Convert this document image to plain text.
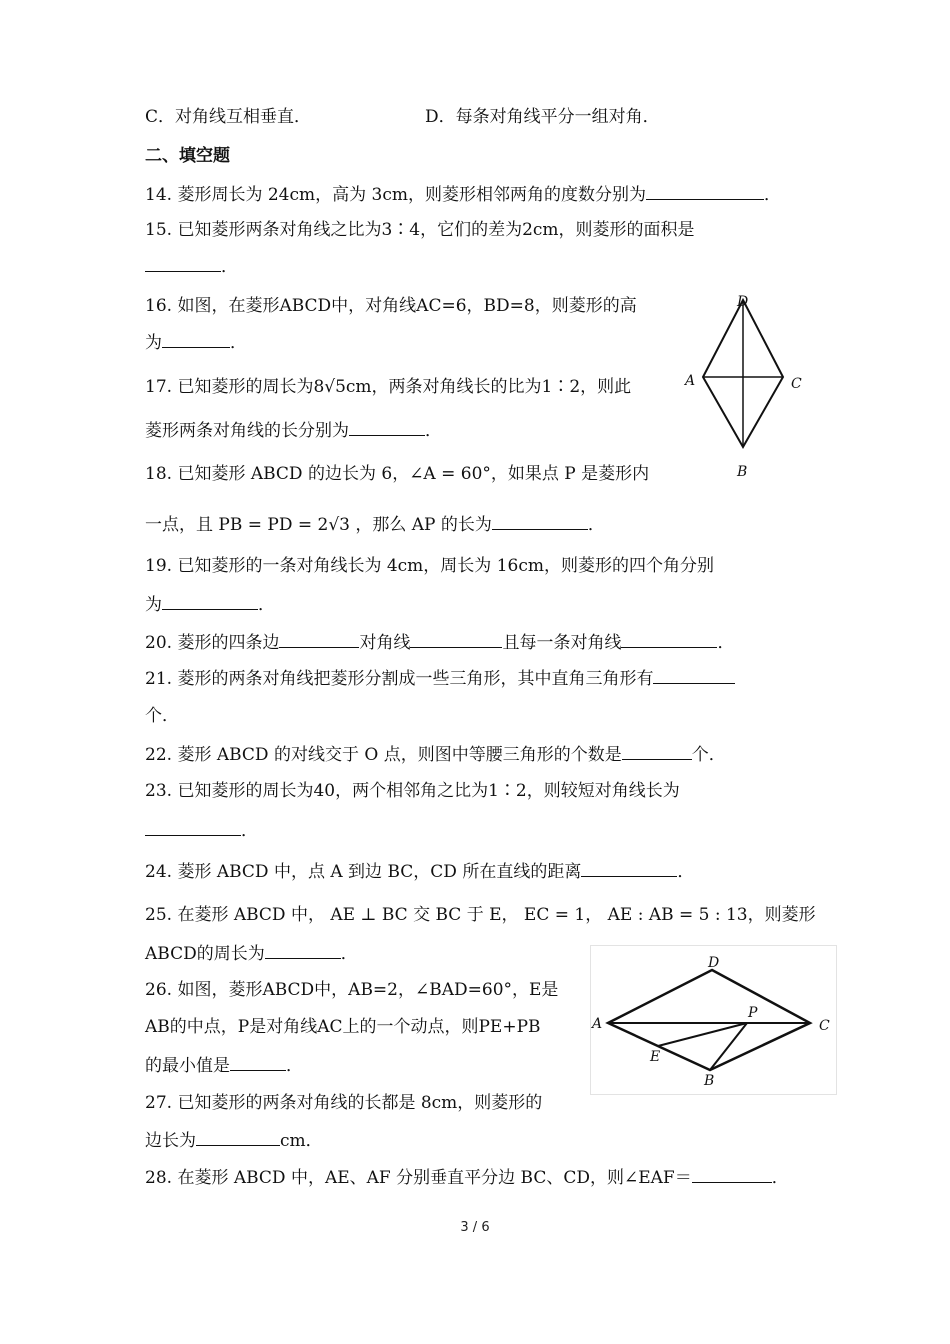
C．对角线互相垂直．	D．每条对角线平分一组对角．
二、填空题
14. 菱形周长为 24cm，高为 3cm，则菱形相邻两角的度数分别为	．
15. 已知菱形两条对角线之比为3∶4，它们的差为2cm，则菱形的面积是
．
16. 如图，在菱形ABCD中，对角线AC=6，BD=8，则菱形的高
为	．
17. 已知菱形的周长为8√5cm，两条对角线长的比为1∶2，则此
菱形两条对角线的长分别为	．
18. 已知菱形 ABCD 的边长为 6，∠A = 60°，如果点 P 是菱形内
一点，且 PB = PD = 2√3 ，那么 AP 的长为	．
19. 已知菱形的一条对角线长为 4cm，周长为 16cm，则菱形的四个角分别
为	．
20. 菱形的四条边	对角线	且每一条对角线	．
21. 菱形的两条对角线把菱形分割成一些三角形，其中直角三角形有
个．
22. 菱形 ABCD 的对线交于 O 点，则图中等腰三角形的个数是	个．
23. 已知菱形的周长为40，两个相邻角之比为1∶2，则较短对角线长为
．
24. 菱形 ABCD 中，点 A 到边 BC，CD 所在直线的距离	．
25. 在菱形 ABCD 中， AE ⊥ BC 交 BC 于 E， EC = 1， AE : AB = 5 : 13，则菱形
ABCD的周长为	．
26. 如图，菱形ABCD中，AB=2，∠BAD=60°，E是
AB的中点，P是对角线AC上的一个动点，则PE+PB
的最小值是	．
27. 已知菱形的两条对角线的长都是 8cm，则菱形的
边长为	cm．
28. 在菱形 ABCD 中，AE、AF 分别垂直平分边 BC、CD，则∠EAF＝	．
D
A	C
B
D
A	C
P
E
B
3 / 6
